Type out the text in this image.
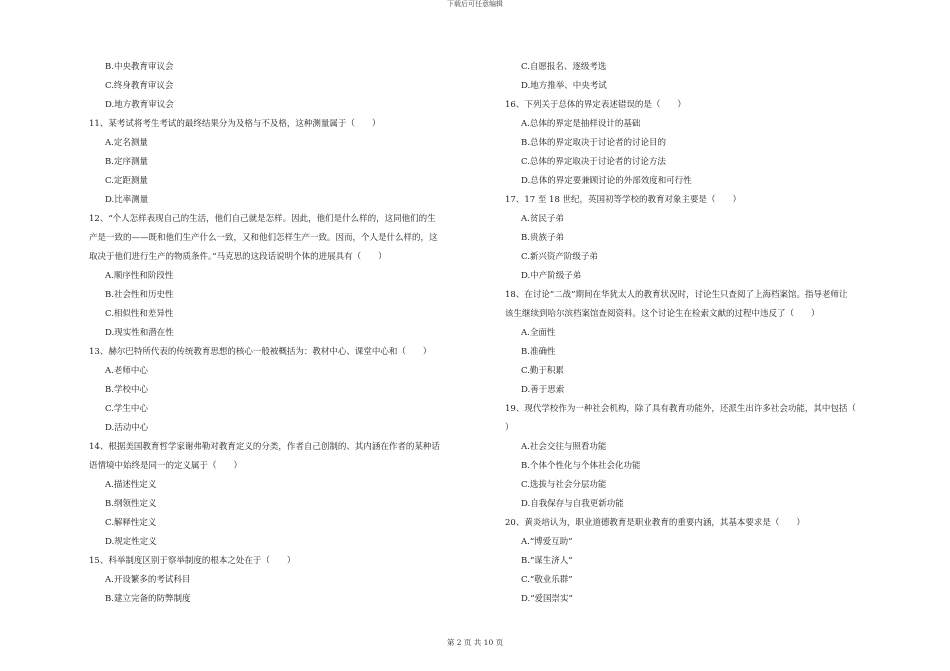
下载后可任意编辑
B.中央教育审议会
C.终身教育审议会
D.地方教育审议会
11、某考试将考生考试的最终结果分为及格与不及格，这种测量属于（　　）
A.定名测量
B.定序测量
C.定距测量
D.比率测量
12、“个人怎样表现自己的生活，他们自己就是怎样。因此，他们是什么样的，这同他们的生
产是一致的——既和他们生产什么一致，又和他们怎样生产一致。因而，个人是什么样的，这
取决于他们进行生产的物质条件。”马克思的这段话说明个体的进展具有（　　）
A.顺序性和阶段性
B.社会性和历史性
C.相似性和差异性
D.现实性和潜在性
13、赫尔巴特所代表的传统教育思想的核心一般被概括为：教材中心、课堂中心和（　　）
A.老师中心
B.学校中心
C.学生中心
D.活动中心
14、根据美国教育哲学家谢弗勒对教育定义的分类，作者自己创制的、其内涵在作者的某种话
语情境中始终是同一的定义属于（　　）
A.描述性定义
B.纲领性定义
C.解释性定义
D.规定性定义
15、科举制度区别于察举制度的根本之处在于（　　）
A.开设繁多的考试科目
B.建立完备的防弊制度
C.自愿报名、逐级考选
D.地方推举、中央考试
16、下列关于总体的界定表述错误的是（　　）
A.总体的界定是抽样设计的基础
B.总体的界定取决于讨论者的讨论目的
C.总体的界定取决于讨论者的讨论方法
D.总体的界定要兼顾讨论的外部效度和可行性
17、17 至 18 世纪，英国初等学校的教育对象主要是（　　）
A.贫民子弟
B.贵族子弟
C.新兴资产阶级子弟
D.中产阶级子弟
18、在讨论“二战”期间在华犹太人的教育状况时，讨论生只查阅了上海档案馆。指导老师让
该生继续到哈尔滨档案馆查阅资料。这个讨论生在检索文献的过程中违反了（　　）
A.全面性
B.准确性
C.勤于积累
D.善于思索
19、现代学校作为一种社会机构，除了具有教育功能外，还派生出许多社会功能，其中包括（
）
A.社会交往与照看功能
B.个体个性化与个体社会化功能
C.选拔与社会分层功能
D.自我保存与自我更新功能
20、黄炎培认为，职业道德教育是职业教育的重要内涵，其基本要求是（　　）
A.“博爱互助”
B.“谋生济人”
C.“敬业乐群”
D.“爱国崇实”
第 2 页 共 10 页
